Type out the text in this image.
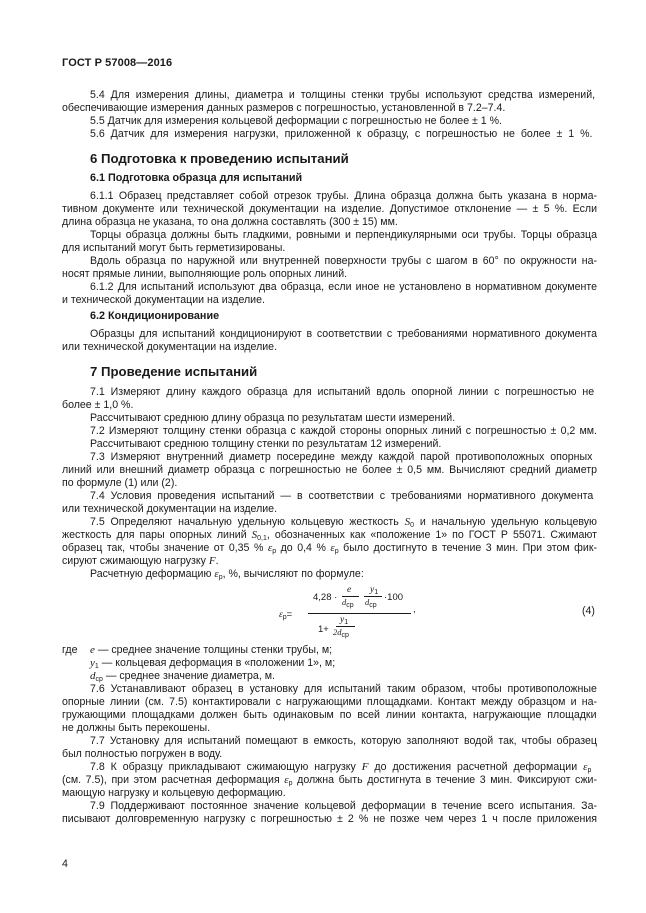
ГОСТ Р 57008—2016
5.4 Для измерения длины, диаметра и толщины стенки трубы используют средства измерений,
обеспечивающие измерения данных размеров с погрешностью, установленной в 7.2–7.4.
5.5 Датчик для измерения кольцевой деформации с погрешностью не более ± 1 %.
5.6 Датчик для измерения нагрузки, приложенной к образцу, с погрешностью не более ± 1 %.
6 Подготовка к проведению испытаний
6.1 Подготовка образца для испытаний
6.1.1 Образец представляет собой отрезок трубы. Длина образца должна быть указана в норма-
тивном документе или технической документации на изделие. Допустимое отклонение — ± 5 %. Если
длина образца не указана, то она должна составлять (300 ± 15) мм.
Торцы образца должны быть гладкими, ровными и перпендикулярными оси трубы. Торцы образца
для испытаний могут быть герметизированы.
Вдоль образца по наружной или внутренней поверхности трубы с шагом в 60° по окружности на-
носят прямые линии, выполняющие роль опорных линий.
6.1.2 Для испытаний используют два образца, если иное не установлено в нормативном документе
и технической документации на изделие.
6.2 Кондиционирование
Образцы для испытаний кондиционируют в соответствии с требованиями нормативного документа
или технической документации на изделие.
7 Проведение испытаний
7.1 Измеряют длину каждого образца для испытаний вдоль опорной линии с погрешностью не
более ± 1,0 %.
Рассчитывают среднюю длину образца по результатам шести измерений.
7.2 Измеряют толщину стенки образца с каждой стороны опорных линий с погрешностью ± 0,2 мм.
Рассчитывают среднюю толщину стенки по результатам 12 измерений.
7.3 Измеряют внутренний диаметр посередине между каждой парой противоположных опорных
линий или внешний диаметр образца с погрешностью не более ± 0,5 мм. Вычисляют средний диаметр
по формуле (1) или (2).
7.4 Условия проведения испытаний — в соответствии с требованиями нормативного документа
или технической документации на изделие.
7.5 Определяют начальную удельную кольцевую жесткость $S_0$ и начальную удельную кольцевую
жесткость для пары опорных линий $S_{0,1}$, обозначенных как «положение 1» по ГОСТ Р 55071. Сжимают
образец так, чтобы значение от 0,35 % $\varepsilon_р$ до 0,4 % $\varepsilon_р$ было достигнуто в течение 3 мин. При этом фик-
сируют сжимающую нагрузку F.
Расчетную деформацию $\varepsilon_р$, %, вычисляют по формуле:
$\varepsilon_р=$
4,28 ·
e
$d_{ср}$
$y_1$
$d_{ср}$
·100
1+
$y_1$
$2d_{ср}$
,	(4)
где e — среднее значение толщины стенки трубы, м;
$y_1$ — кольцевая деформация в «положении 1», м;
$d_{ср}$ — среднее значение диаметра, м.
7.6 Устанавливают образец в установку для испытаний таким образом, чтобы противоположные
опорные линии (см. 7.5) контактировали с нагружающими площадками. Контакт между образцом и на-
гружающими площадками должен быть одинаковым по всей линии контакта, нагружающие площадки
не должны быть перекошены.
7.7 Установку для испытаний помещают в емкость, которую заполняют водой так, чтобы образец
был полностью погружен в воду.
7.8 К образцу прикладывают сжимающую нагрузку F до достижения расчетной деформации $\varepsilon_р$
(см. 7.5), при этом расчетная деформация $\varepsilon_р$ должна быть достигнута в течение 3 мин. Фиксируют сжи-
мающую нагрузку и кольцевую деформацию.
7.9 Поддерживают постоянное значение кольцевой деформации в течение всего испытания. За-
писывают долговременную нагрузку с погрешностью ± 2 % не позже чем через 1 ч после приложения
4
